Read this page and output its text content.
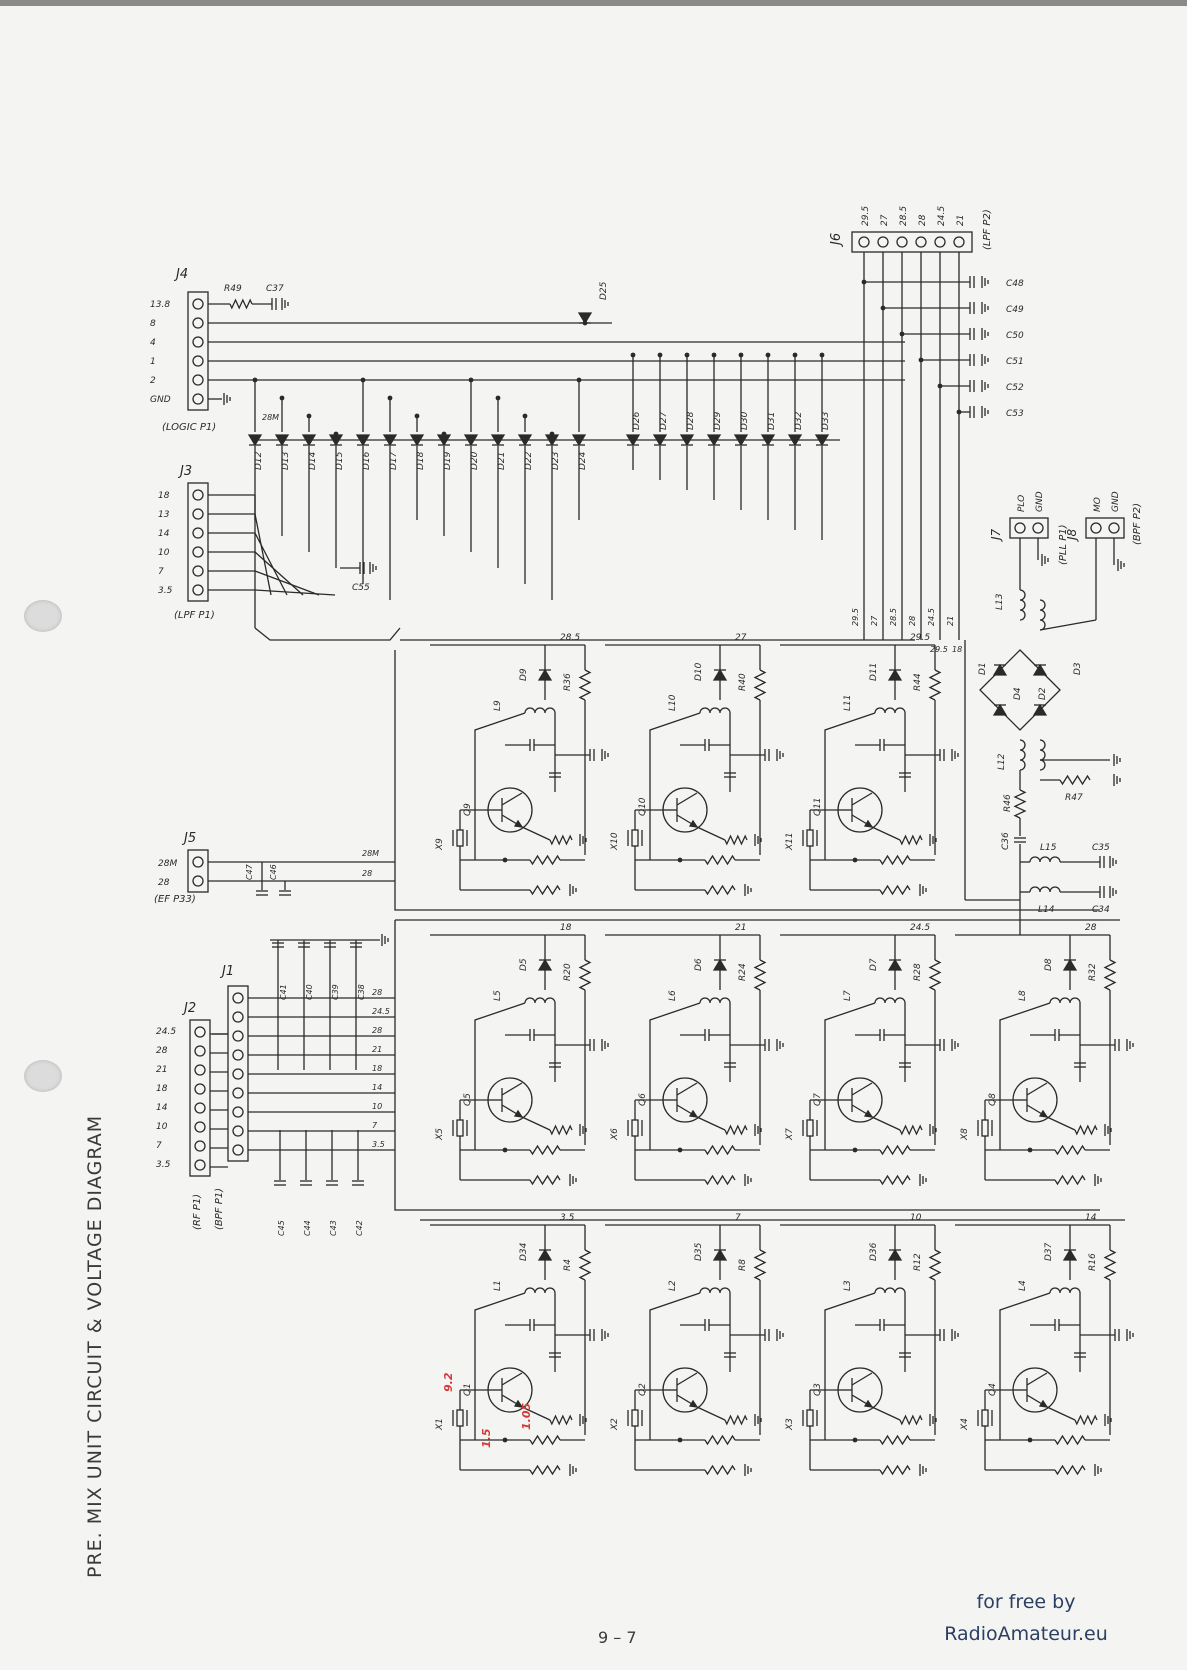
J4
13.8
8
4
1
2
GND
(LOGIC P1)
J3
18
13
14
10
7
3.5
(LPF P1)
J6
29.5 27 28.5 28 24.5 21 (LPF P2)
J5
28M
28
(EF P33)
J1
(BPF P1)
J2
24.5
28
21
18
14
10
7
3.5
(RF P1)
J7
PLO GND
(PLL P1)
J8
MO GND
(BPF P2)
R49	C37	D25
D12 D13 D14 D15 D16 D17 D18 D19 D20 D21 D22 D23 D24
28M	D26 D27 D28 D29 D30 D31 D32 D33
C55
C48
C49
C50
C51
C52
C53
29.5 27 28.5 28 24.5 21
29.5 18
28M
28
C47 C46
28
24.5
28
21
18
14
10
7
3.5
C41 C40 C39 C38
C45 C44 C43 C42
28.5
D9
L9
R36
Q9
X9
27
D10
L10
R40
Q10
X10
29.5
D11
L11
R44
Q11
X11
18
D5
L5
R20
Q5
X5
21
D6
L6
R24
Q6
X6
24.5
D7
L7
R28
Q7
X7
28
D8
L8
R32
Q8
X8
3.5
D34
L1
R4
Q1
X1
7
D35
L2
R8
Q2
X2
10
D36
L3
R12
Q3
X3
14
D37
L4
R16
Q4
X4
9.2
1.5
1.05
L13
D1	D3
D4 D2
L12
R47
R46
C36	L15
L14
C35
C34
PRE. MIX UNIT CIRCUIT & VOLTAGE DIAGRAM
9 – 7
for free by
RadioAmateur.eu
